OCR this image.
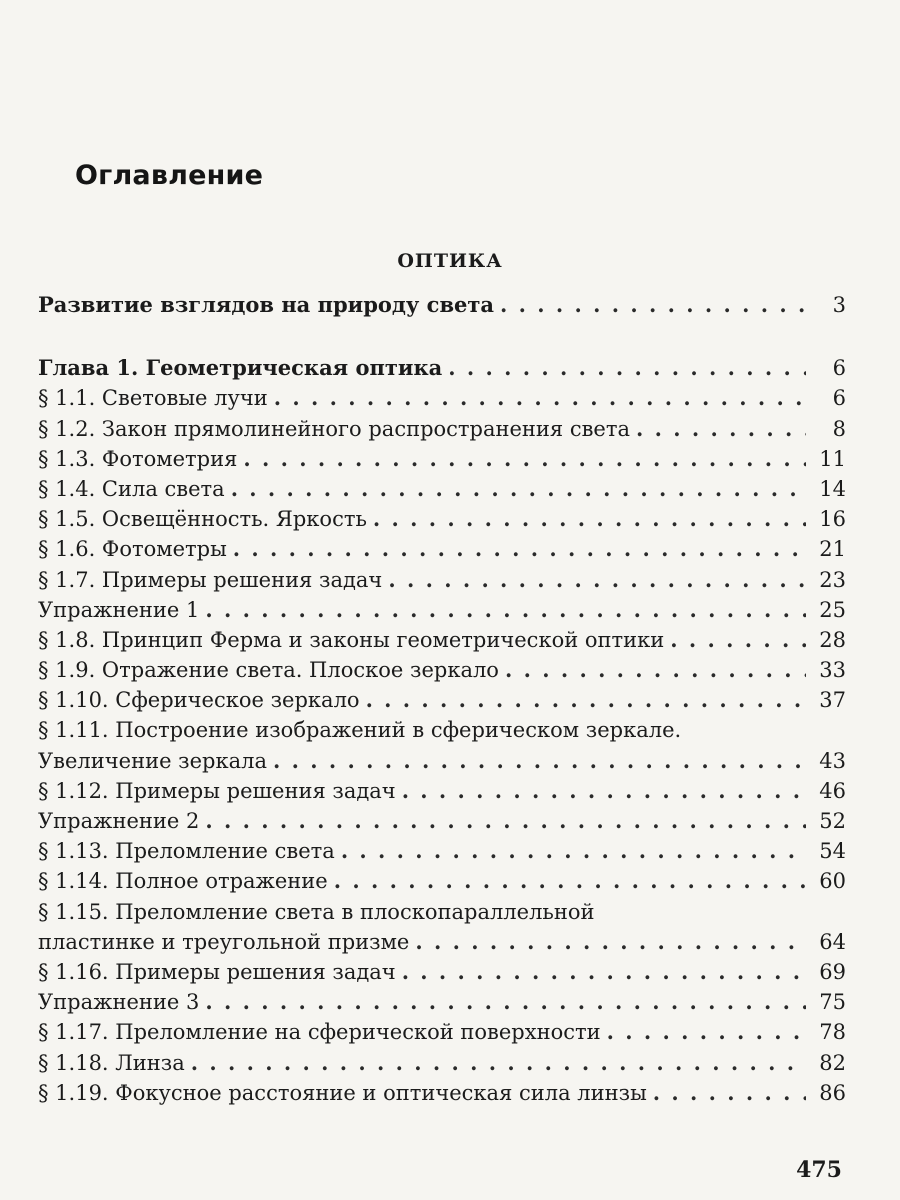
Оглавление
ОПТИКА
Развитие взглядов на природу света . . .	3
Глава 1. Геометрическая оптика . . .	6
§ 1.1. Световые лучи . . .	6
§ 1.2. Закон прямолинейного распространения света . . .	8
§ 1.3. Фотометрия . . .	11
§ 1.4. Сила света . . .	14
§ 1.5. Освещённость. Яркость . . .	16
§ 1.6. Фотометры . . .	21
§ 1.7. Примеры решения задач . . .	23
Упражнение 1 . . .	25
§ 1.8. Принцип Ферма и законы геометрической оптики . . .	28
§ 1.9. Отражение света. Плоское зеркало . . .	33
§ 1.10. Сферическое зеркало . . .	37
§ 1.11. Построение изображений в сферическом зеркале.
Увеличение зеркала . . .	43
§ 1.12. Примеры решения задач . . .	46
Упражнение 2 . . .	52
§ 1.13. Преломление света . . .	54
§ 1.14. Полное отражение . . .	60
§ 1.15. Преломление света в плоскопараллельной
пластинке и треугольной призме . . .	64
§ 1.16. Примеры решения задач . . .	69
Упражнение 3 . . .	75
§ 1.17. Преломление на сферической поверхности . . .	78
§ 1.18. Линза . . .	82
§ 1.19. Фокусное расстояние и оптическая сила линзы . . .	86
475
